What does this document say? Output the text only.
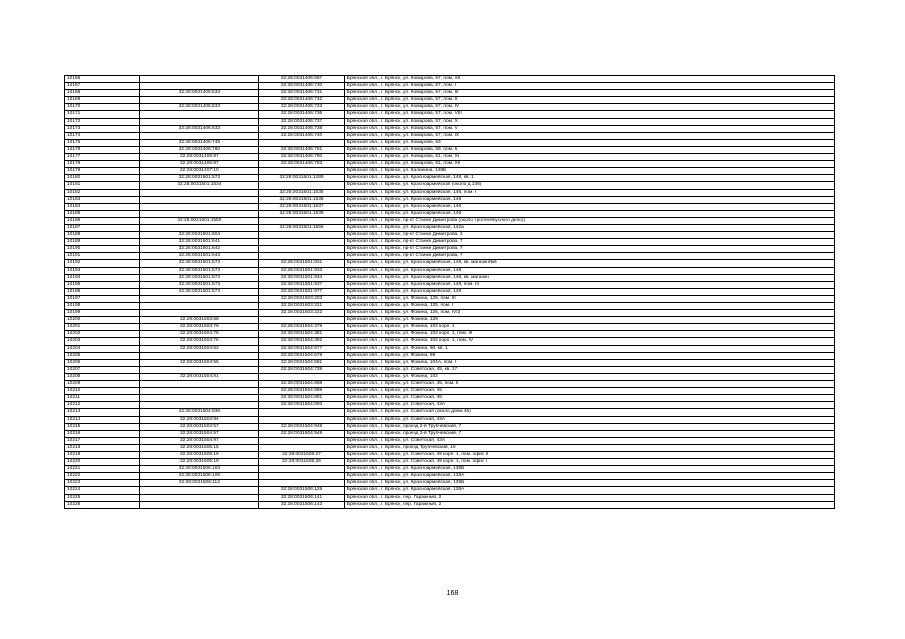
10166		32:28:0031406:597	Брянская обл., г. Брянск, ул. Комарова, 57, пом. XII
10167		32:28:0031406:730	Брянская обл., г. Брянск, ул. Комарова, 57, пом. I
10168	32:28:0031406:533	32:28:0031406:731	Брянская обл., г. Брянск, ул. Комарова, 57, пом. III
10169		32:28:0031406:732	Брянская обл., г. Брянск, ул. Комарова, 57, пом. II
10170	32:28:0031406:533	32:28:0031406:733	Брянская обл., г. Брянск, ул. Комарова, 57, пом. IV
10171		32:28:0031406:736	Брянская обл., г. Брянск, ул. Комарова, 57, пом. VIII
10172		32:28:0031406:737	Брянская обл., г. Брянск, ул. Комарова, 57, пом. X
10173	32:28:0031406:533	32:28:0031406:738	Брянская обл., г. Брянск, ул. Комарова, 57, пом. V
10174		32:28:0031406:740	Брянская обл., г. Брянск, ул. Комарова, 57, пом. IX
10175	32:28:0031406:749		Брянская обл., г. Брянск, ул. Комарова, 63
10176	32:28:0031406:760	32:28:0031406:761	Брянская обл., г. Брянск, ул. Комарова, 59, пом. 5
10177	32:28:0031406:87	32:28:0031406:780	Брянская обл., г. Брянск, ул. Комарова, 61, пом. XI
10178	32:28:0031406:87	32:28:0031406:783	Брянская обл., г. Брянск, ул. Комарова, 61, пом. XII
10179	32:28:0031407:10		Брянская обл., г. Брянск, ул. Калинина, 148Б
10180	32:28:0031501:573	32:28:0031501:1289	Брянская обл., г. Брянск, ул. Красноармейская, 148, кв. 1
10181	32:28:0031501:1534		Брянская обл., г. Брянск, ул. Красноармейская (около д.146)
10182		32:28:0031501:1535	Брянская обл., г. Брянск, ул. Красноармейская, 146, пом. I
10183		32:28:0031501:1536	Брянская обл., г. Брянск, ул. Красноармейская, 146
10184		32:28:0031501:1537	Брянская обл., г. Брянск, ул. Красноармейская, 146
10185		32:28:0031501:1538	Брянская обл., г. Брянск, ул. Красноармейская, 146
10186	32:28:0031501:1550		Брянская обл., г. Брянск, пр-кт Станке Димитрова (около троллейбусного депо))
10187		32:28:0031501:1556	Брянская обл., г. Брянск, ул. Красноармейская, 142а
10188	32:28:0031501:604		Брянская обл., г. Брянск, пр-кт Станке Димитрова, 3
10189	32:28:0031501:641		Брянская обл., г. Брянск, пр-кт Станке Димитрова, 7
10190	32:28:0031501:642		Брянская обл., г. Брянск, пр-кт Станке Димитрова, 7
10191	32:28:0031501:643		Брянская обл., г. Брянск, пр-кт Станке Димитрова, 7
10192	32:28:0031501:573	32:28:0031501:931	Брянская обл., г. Брянск, ул. Красноармейская, 148, кв. магазин№6
10193	32:28:0031501:573	32:28:0031501:933	Брянская обл., г. Брянск, ул. Красноармейская, 148
10194	32:28:0031501:573	32:28:0031501:934	Брянская обл., г. Брянск, ул. Красноармейская, 148, кв. магазин
10195	32:28:0031501:573	32:28:0031501:937	Брянская обл., г. Брянск, ул. Красноармейская, 148, пом. III
10196	32:28:0031501:573	32:28:0031501:977	Брянская обл., г. Брянск, ул. Красноармейская, 148
10197		32:28:0031503:203	Брянская обл., г. Брянск, ул. Фокина, 125, пом. III
10198		32:28:0031503:221	Брянская обл., г. Брянск, ул. Фокина, 125, пом. I
10199		32:28:0031503:222	Брянская обл., г. Брянск, ул. Фокина, 125, пом. IV/2
10200	32:28:0031503:68		Брянская обл., г. Брянск, ул. Фокина, 129
10201	32:28:0031504:76	32:28:0031504:379	Брянская обл., г. Брянск, ул. Фокина, 102 корп. 1
10202	32:28:0031504:76	32:28:0031504:381	Брянская обл., г. Брянск, ул. Фокина, 102 корп. 1, пом. III
10203	32:28:0031504:76	32:28:0031504:382	Брянская обл., г. Брянск, ул. Фокина, 102 корп. 1, пом. IV
10204	32:28:0031504:62	32:28:0031504:677	Брянская обл., г. Брянск, ул. Фокина, 90, кв. 1
10205		32:28:0031504:678	Брянская обл., г. Брянск, ул. Фокина, 88
10206	32:28:0031504:55	32:28:0031504:681	Брянская обл., г. Брянск, ул. Фокина, 104А, пом. I
10207		32:28:0031504:739	Брянская обл., г. Брянск, ул. Советская, 45, кв. 17
10208	32:28:0031504:81		Брянская обл., г. Брянск, ул. Фокина, 102
10209		32:28:0031504:888	Брянская обл., г. Брянск, ул. Советская, 45, пом. II
10210		32:28:0031504:889	Брянская обл., г. Брянск, ул. Советская, 45
10211		32:28:0031504:891	Брянская обл., г. Брянск, ул. Советская, 45
10212		32:28:0031504:893	Брянская обл., г. Брянск, ул. Советская, 43А
10213	32:28:0031504:936		Брянская обл., г. Брянск, ул. Советская (около дома 45)
10214	32:28:0031504:94		Брянская обл., г. Брянск, ул. Советская, 43А
10215	32:28:0031504:57	32:28:0031504:948	Брянская обл., г. Брянск, проезд 2-й Трубчевский, 7
10216	32:28:0031504:57	32:28:0031504:949	Брянская обл., г. Брянск, проезд 2-й Трубчевский, 7
10217	32:28:0031504:97		Брянская обл., г. Брянск, ул. Советская, 43А
10218	32:28:0031505:15		Брянская обл., г. Брянск, проезд Трубчевский, 10
10219	32:28:0031505:19	32:28:0031505:27	Брянская обл., г. Брянск, ул. Советская, 49 корп. 1, пом. офис II
10220	32:28:0031505:19	32:28:0031505:28	Брянская обл., г. Брянск, ул. Советская, 49 корп. 1, пом. офис I
10221	32:28:0031506:103		Брянская обл., г. Брянск, ул. Красноармейская, 136Б
10222	32:28:0031506:106		Брянская обл., г. Брянск, ул. Красноармейская, 138А
10223	32:28:0031506:113		Брянская обл., г. Брянск, ул. Красноармейская, 136Б
10224		32:28:0031506:125	Брянская обл., г. Брянск, ул. Красноармейская, 138А
10225		32:28:0031506:141	Брянская обл., г. Брянск, пер. Гаражный, 2
10226		32:28:0031506:143	Брянская обл., г. Брянск, пер. Гаражный, 2
168
